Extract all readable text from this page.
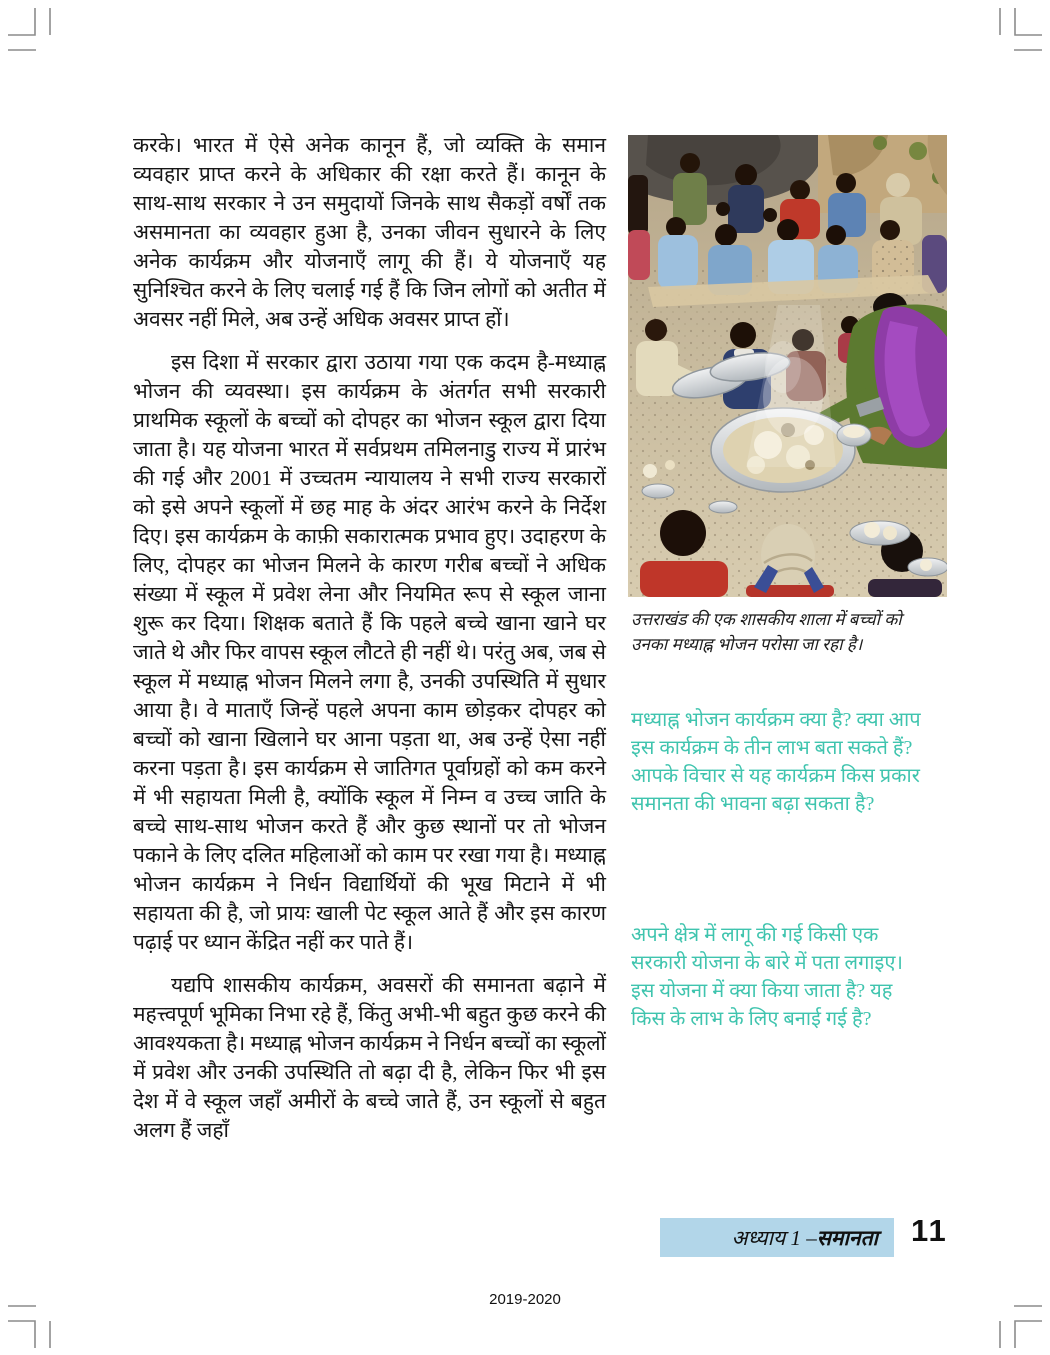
करके। भारत में ऐसे अनेक कानून हैं, जो व्यक्ति के समान व्यवहार प्राप्त करने के अधिकार की रक्षा करते हैं। कानून के साथ-साथ सरकार ने उन समुदायों जिनके साथ सैकड़ों वर्षों तक असमानता का व्यवहार हुआ है, उनका जीवन सुधारने के लिए अनेक कार्यक्रम और योजनाएँ लागू की हैं। ये योजनाएँ यह सुनिश्चित करने के लिए चलाई गई हैं कि जिन लोगों को अतीत में अवसर नहीं मिले, अब उन्हें अधिक अवसर प्राप्त हों।

इस दिशा में सरकार द्वारा उठाया गया एक कदम है-मध्याह्न भोजन की व्यवस्था। इस कार्यक्रम के अंतर्गत सभी सरकारी प्राथमिक स्कूलों के बच्चों को दोपहर का भोजन स्कूल द्वारा दिया जाता है। यह योजना भारत में सर्वप्रथम तमिलनाडु राज्य में प्रारंभ की गई और 2001 में उच्चतम न्यायालय ने सभी राज्य सरकारों को इसे अपने स्कूलों में छह माह के अंदर आरंभ करने के निर्देश दिए। इस कार्यक्रम के काफ़ी सकारात्मक प्रभाव हुए। उदाहरण के लिए, दोपहर का भोजन मिलने के कारण गरीब बच्चों ने अधिक संख्या में स्कूल में प्रवेश लेना और नियमित रूप से स्कूल जाना शुरू कर दिया। शिक्षक बताते हैं कि पहले बच्चे खाना खाने घर जाते थे और फिर वापस स्कूल लौटते ही नहीं थे। परंतु अब, जब से स्कूल में मध्याह्न भोजन मिलने लगा है, उनकी उपस्थिति में सुधार आया है। वे माताएँ जिन्हें पहले अपना काम छोड़कर दोपहर को बच्चों को खाना खिलाने घर आना पड़ता था, अब उन्हें ऐसा नहीं करना पड़ता है। इस कार्यक्रम से जातिगत पूर्वाग्रहों को कम करने में भी सहायता मिली है, क्योंकि स्कूल में निम्न व उच्च जाति के बच्चे साथ-साथ भोजन करते हैं और कुछ स्थानों पर तो भोजन पकाने के लिए दलित महिलाओं को काम पर रखा गया है। मध्याह्न भोजन कार्यक्रम ने निर्धन विद्यार्थियों की भूख मिटाने में भी सहायता की है, जो प्रायः खाली पेट स्कूल आते हैं और इस कारण पढ़ाई पर ध्यान केंद्रित नहीं कर पाते हैं।

यद्यपि शासकीय कार्यक्रम, अवसरों की समानता बढ़ाने में महत्त्वपूर्ण भूमिका निभा रहे हैं, किंतु अभी-भी बहुत कुछ करने की आवश्यकता है। मध्याह्न भोजन कार्यक्रम ने निर्धन बच्चों का स्कूलों में प्रवेश और उनकी उपस्थिति तो बढ़ा दी है, लेकिन फिर भी इस देश में वे स्कूल जहाँ अमीरों के बच्चे जाते हैं, उन स्कूलों से बहुत अलग हैं जहाँ

उत्तराखंड की एक शासकीय शाला में बच्चों को उनका मध्याह्न भोजन परोसा जा रहा है।
मध्याह्न भोजन कार्यक्रम क्या है? क्या आप इस कार्यक्रम के तीन लाभ बता सकते हैं? आपके विचार से यह कार्यक्रम किस प्रकार समानता की भावना बढ़ा सकता है?
अपने क्षेत्र में लागू की गई किसी एक सरकारी योजना के बारे में पता लगाइए। इस योजना में क्या किया जाता है? यह किस के लाभ के लिए बनाई गई है?
अध्याय 1 – समानता 11
2019-2020
